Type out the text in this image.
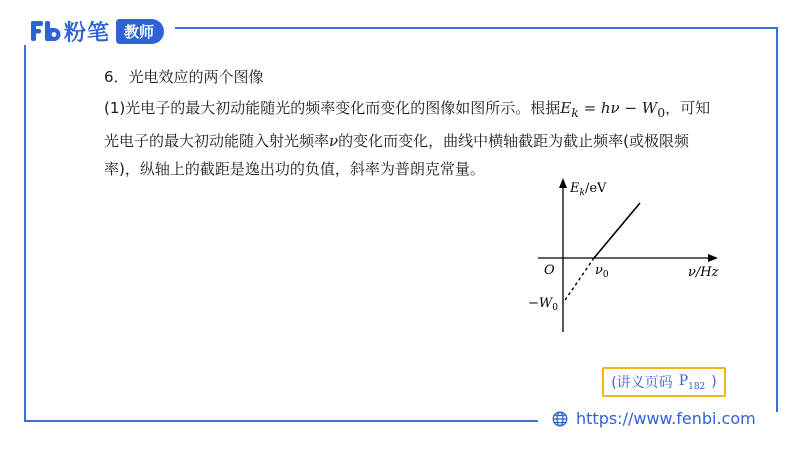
粉笔 教师
6．光电效应的两个图像
(1)光电子的最大初动能随光的频率变化而变化的图像如图所示。根据$E_k = h\nu - W_0$，可知光电子的最大初动能随入射光频率ν的变化而变化，曲线中横轴截距为截止频率(或极限频率)，纵轴上的截距是逸出功的负值，斜率为普朗克常量。
$E_k/eV$
O	$\nu_0$	ν/Hz
$-W_0$
(讲义页码 $P_{182}$ )
https://www.fenbi.com
